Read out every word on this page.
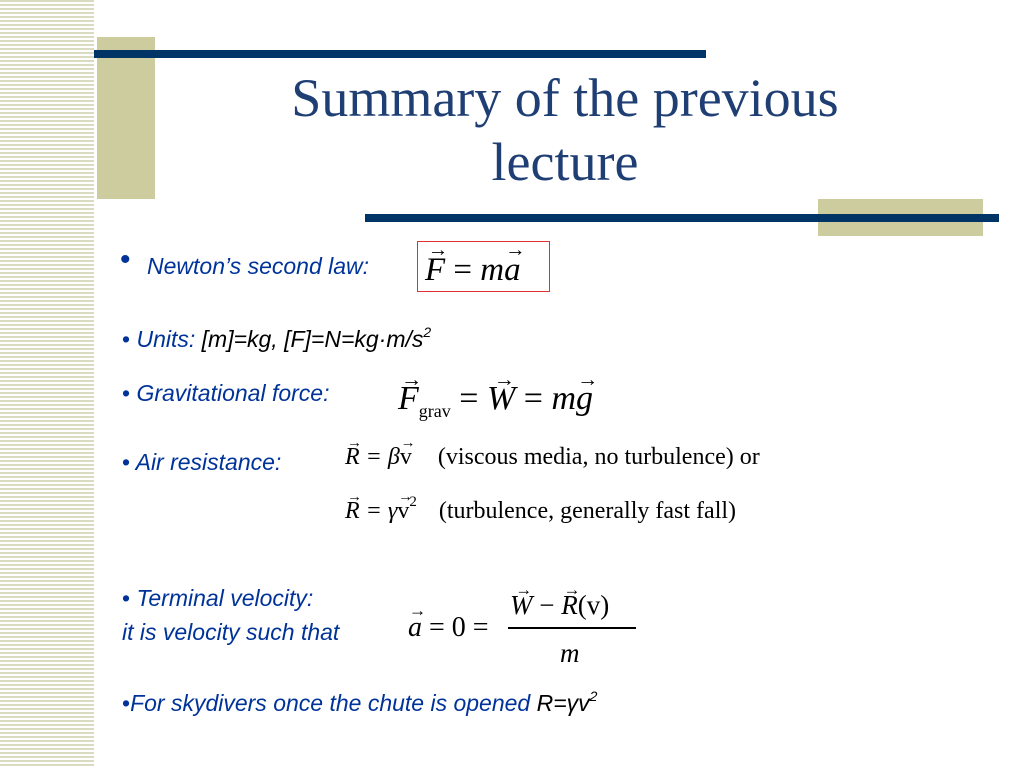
Summary of the previous
lecture
• Newton’s second law: → F = m→ a
• Units: [m]=kg, $[F]=N=kg\cdot m/s^2$
• Gravitational force: → $F_{grav}$ = → W = m→ g
• Air resistance:	→ R = β→ v (viscous media, no turbulence) or
→ $R = \gamma\to v^2$ (turbulence, generally fast fall)
• Terminal velocity:
it is velocity such that → a = 0 =
→ W − → R(v)
m
•For skydivers once the chute is opened $R=\gamma v^2$
